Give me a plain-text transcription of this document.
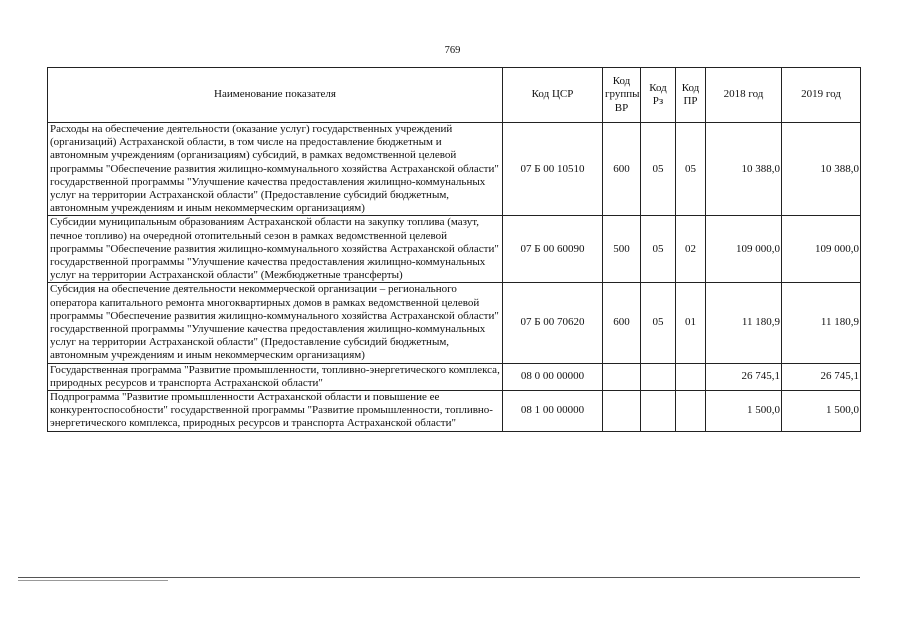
769
Наименование показателя	Код ЦСР	Код группы ВР	Код Рз	Код ПР	2018 год	2019 год
Расходы на обеспечение деятельности (оказание услуг) государственных учреждений (организаций) Астраханской области, в том числе на предоставление бюджетным и автономным учреждениям (организациям) субсидий, в рамках ведомственной целевой программы "Обеспечение развития жилищно-коммунального хозяйства Астраханской области" государственной программы "Улучшение качества предоставления жилищно-коммунальных услуг на территории Астраханской области" (Предоставление субсидий бюджетным, автономным учреждениям и иным некоммерческим организациям)	07 Б 00 10510	600	05	05	10 388,0	10 388,0
Субсидии муниципальным образованиям Астраханской области на закупку топлива (мазут, печное топливо) на очередной отопительный сезон в рамках ведомственной целевой программы "Обеспечение развития жилищно-коммунального хозяйства Астраханской области" государственной программы "Улучшение качества предоставления жилищно-коммунальных услуг на территории Астраханской области" (Межбюджетные трансферты)	07 Б 00 60090	500	05	02	109 000,0	109 000,0
Субсидия на обеспечение деятельности некоммерческой организации – регионального оператора капитального ремонта многоквартирных домов в рамках ведомственной целевой программы "Обеспечение развития жилищно-коммунального хозяйства Астраханской области" государственной программы "Улучшение качества предоставления жилищно-коммунальных услуг на территории Астраханской области" (Предоставление субсидий бюджетным, автономным учреждениям и иным некоммерческим организациям)	07 Б 00 70620	600	05	01	11 180,9	11 180,9
Государственная программа "Развитие промышленности, топливно-энергетического комплекса, природных ресурсов и транспорта Астраханской области"	08 0 00 00000				26 745,1	26 745,1
Подпрограмма "Развитие промышленности Астраханской области и повышение ее конкурентоспособности" государственной программы "Развитие промышленности, топливно-энергетического комплекса, природных ресурсов и транспорта Астраханской области"	08 1 00 00000				1 500,0	1 500,0
